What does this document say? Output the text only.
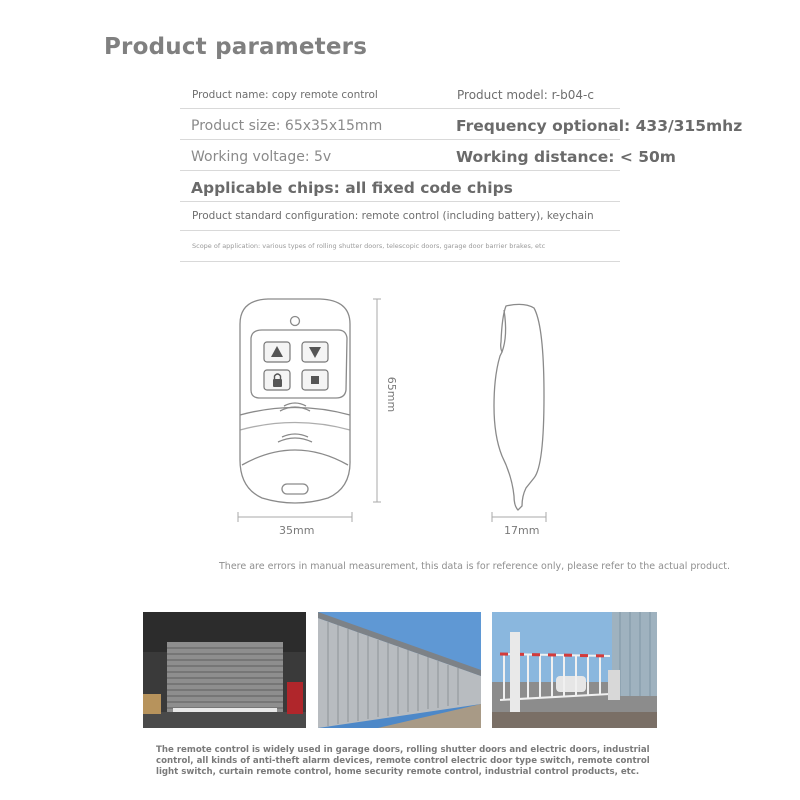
Product parameters
Product name: copy remote control	Product model: r-b04-c
Product size: 65x35x15mm	Frequency optional: 433/315mhz
Working voltage: 5v	Working distance: < 50m
Applicable chips: all fixed code chips
Product standard configuration: remote control (including battery), keychain
Scope of application: various types of rolling shutter doors, telescopic doors, garage door barrier brakes, etc
65mm
35mm	17mm
There are errors in manual measurement, this data is for reference only, please refer to the actual product.
The remote control is widely used in garage doors, rolling shutter doors and electric doors, industrial
control, all kinds of anti-theft alarm devices, remote control electric door type switch, remote control
light switch, curtain remote control, home security remote control, industrial control products, etc.
